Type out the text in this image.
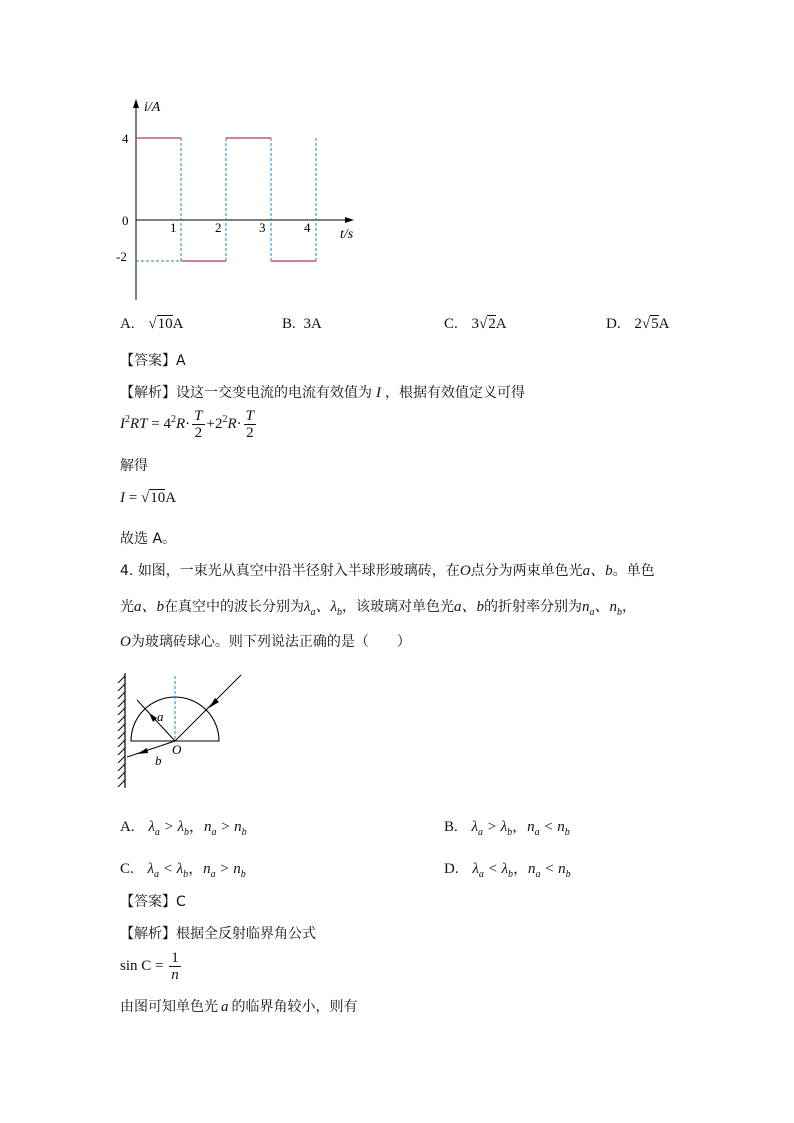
i/A
t/s
4
0
-2
1	2	3	4
A. √10A	B. 3A	C. 3√2A	D. 2√5A
【答案】A
【解析】设这一交变电流的电流有效值为 I ，根据有效值定义可得
$I^2RT = 4^2R\cdot \frac{T}{2} +2^2R\cdot \frac{T}{2}$
解得
I = √10A
故选 A。
4. 如图，一束光从真空中沿半径射入半球形玻璃砖，在O点分为两束单色光a、b。单色
光a、b在真空中的波长分别为$\lambda_a$、$\lambda_b$，该玻璃对单色光a、b的折射率分别为$n_a$、$n_b$，
O为玻璃砖球心。则下列说法正确的是（　　）
a
O
b
A. $\lambda_a > \lambda_b$，$n_a > n_b$	B. $\lambda_a > \lambda_b$，$n_a < n_b$
C. $\lambda_a < \lambda_b$，$n_a > n_b$	D. $\lambda_a < \lambda_b$，$n_a < n_b$
【答案】C
【解析】根据全反射临界角公式
$\sin C = \frac{1}{n}$
由图可知单色光 a 的临界角较小，则有
